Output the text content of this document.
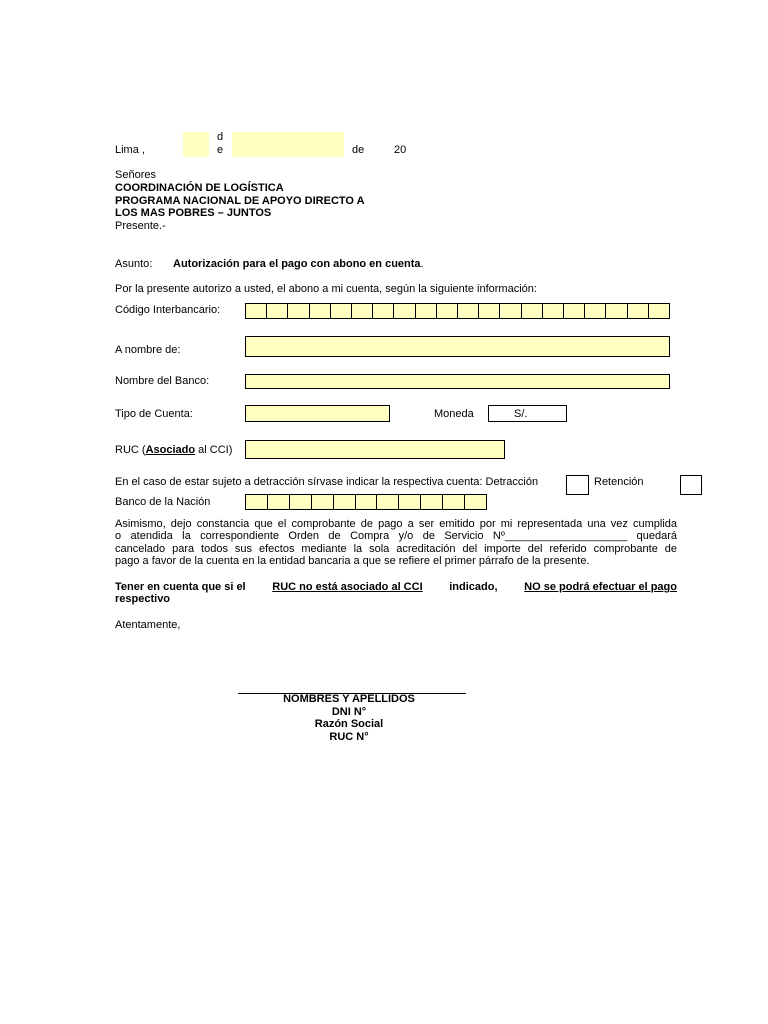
Lima ,
d
e	de	20
Señores
COORDINACIÓN DE LOGÍSTICA
PROGRAMA NACIONAL DE APOYO DIRECTO A
LOS MAS POBRES – JUNTOS
Presente.-
Asunto: Autorización para el pago con abono en cuenta.
Por la presente autorizo a usted, el abono a mi cuenta, según la siguiente información:
Código Interbancario:
A nombre de:
Nombre del Banco:
Tipo de Cuenta:	Moneda	S/.
RUC (Asociado al CCI)
En el caso de estar sujeto a detracción sírvase indicar la respectiva cuenta: Detracción	Retención
Banco de la Nación
Asimismo, dejo constancia que el comprobante de pago a ser emitido por mi representada una vez cumplida
o atendida la correspondiente Orden de Compra y/o de Servicio Nº____________________ quedará
cancelado para todos sus efectos mediante la sola acreditación del importe del referido comprobante de
pago a favor de la cuenta en la entidad bancaria a que se refiere el primer párrafo de la presente.
Tener en cuenta que si el RUC no está asociado al CCI indicado, NO se podrá efectuar el pago
respectivo
Atentamente,
NOMBRES Y APELLIDOS
DNI N°
Razón Social
RUC N°
